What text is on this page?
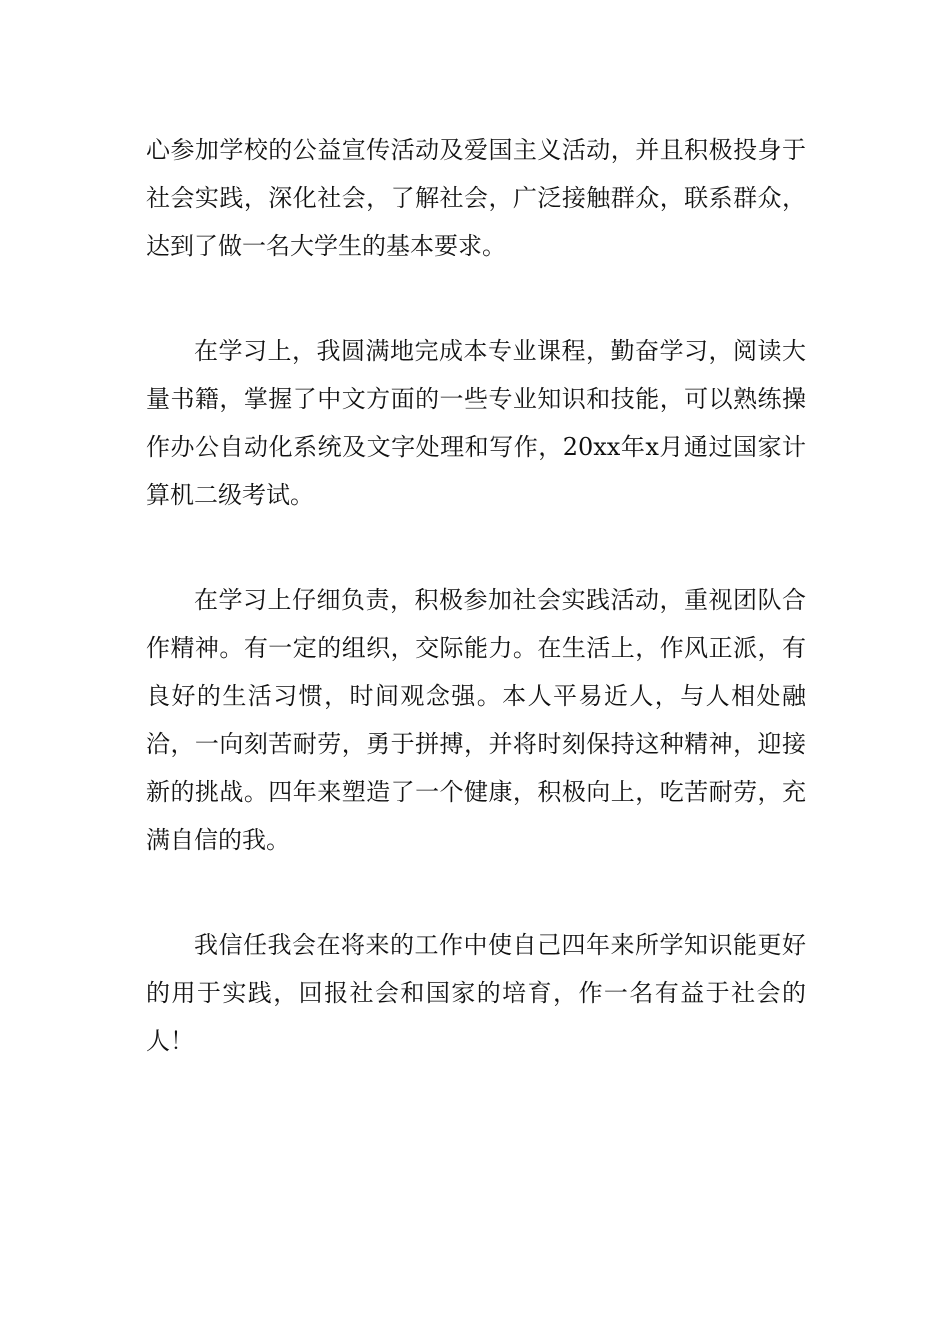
心参加学校的公益宣传活动及爱国主义活动，并且积极投身于社会实践，深化社会，了解社会，广泛接触群众，联系群众，达到了做一名大学生的基本要求。

在学习上，我圆满地完成本专业课程，勤奋学习，阅读大量书籍，掌握了中文方面的一些专业知识和技能，可以熟练操作办公自动化系统及文字处理和写作，20xx年x月通过国家计算机二级考试。

在学习上仔细负责，积极参加社会实践活动，重视团队合作精神。有一定的组织，交际能力。在生活上，作风正派，有良好的生活习惯，时间观念强。本人平易近人，与人相处融洽，一向刻苦耐劳，勇于拼搏，并将时刻保持这种精神，迎接新的挑战。四年来塑造了一个健康，积极向上，吃苦耐劳，充满自信的我。

我信任我会在将来的工作中使自己四年来所学知识能更好的用于实践，回报社会和国家的培育，作一名有益于社会的人！
